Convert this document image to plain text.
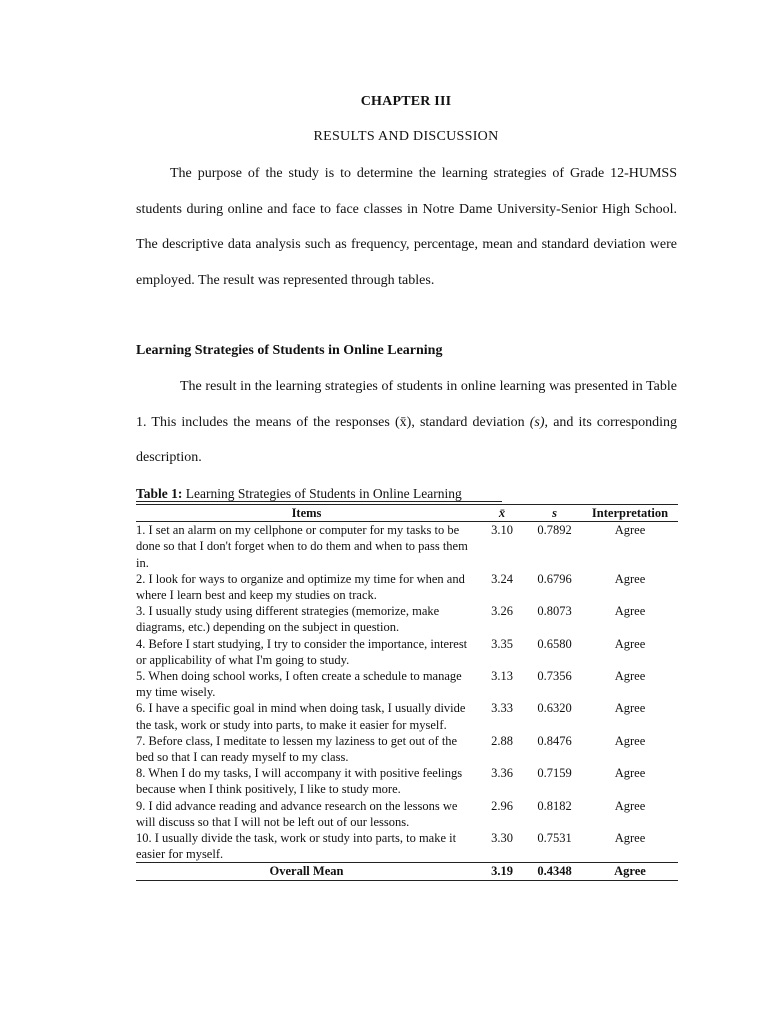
CHAPTER III
RESULTS AND DISCUSSION
The purpose of the study is to determine the learning strategies of Grade 12-HUMSS students during online and face to face classes in Notre Dame University-Senior High School. The descriptive data analysis such as frequency, percentage, mean and standard deviation were employed. The result was represented through tables.
Learning Strategies of Students in Online Learning
The result in the learning strategies of students in online learning was presented in Table 1. This includes the means of the responses (x̄), standard deviation (s), and its corresponding description.
Table 1: Learning Strategies of Students in Online Learning
Items	x̄	s	Interpretation
1. I set an alarm on my cellphone or computer for my tasks to be done so that I don't forget when to do them and when to pass them in.	3.10	0.7892	Agree
2. I look for ways to organize and optimize my time for when and where I learn best and keep my studies on track.	3.24	0.6796	Agree
3. I usually study using different strategies (memorize, make diagrams, etc.) depending on the subject in question.	3.26	0.8073	Agree
4. Before I start studying, I try to consider the importance, interest or applicability of what I'm going to study.	3.35	0.6580	Agree
5. When doing school works, I often create a schedule to manage my time wisely.	3.13	0.7356	Agree
6. I have a specific goal in mind when doing task, I usually divide the task, work or study into parts, to make it easier for myself.	3.33	0.6320	Agree
7. Before class, I meditate to lessen my laziness to get out of the bed so that I can ready myself to my class.	2.88	0.8476	Agree
8. When I do my tasks, I will accompany it with positive feelings because when I think positively, I like to study more.	3.36	0.7159	Agree
9. I did advance reading and advance research on the lessons we will discuss so that I will not be left out of our lessons.	2.96	0.8182	Agree
10. I usually divide the task, work or study into parts, to make it easier for myself.	3.30	0.7531	Agree
Overall Mean	3.19	0.4348	Agree
